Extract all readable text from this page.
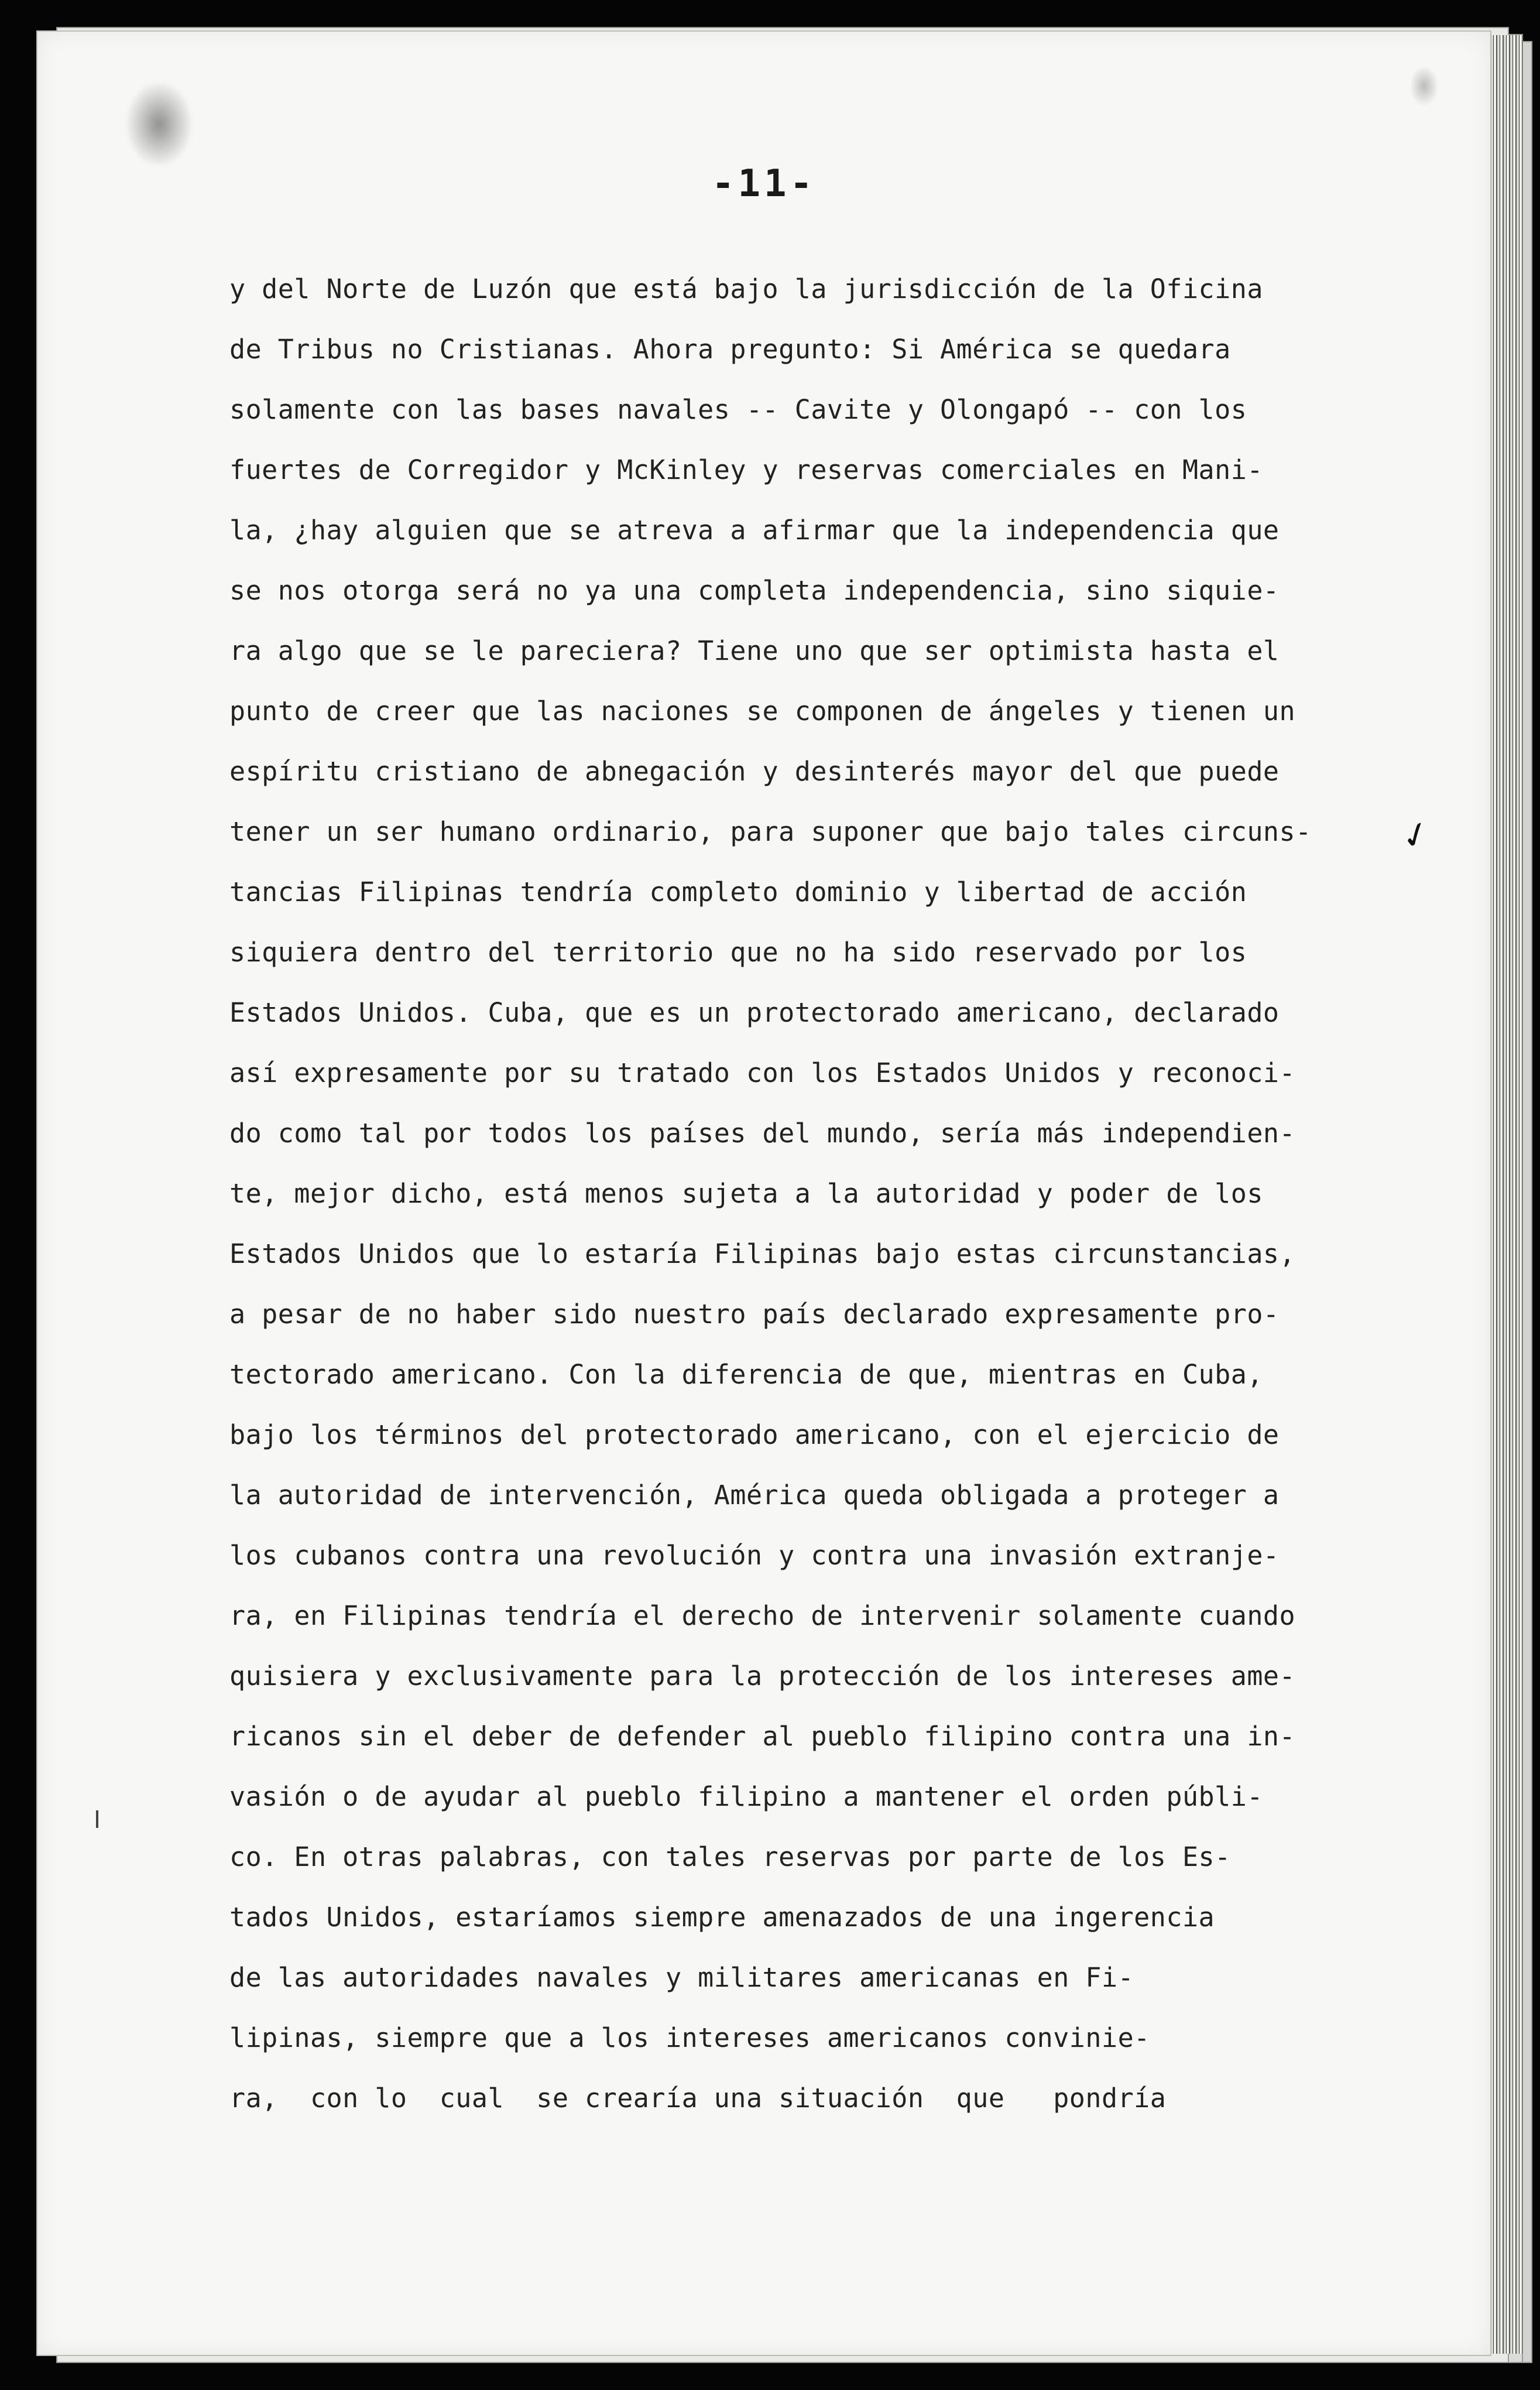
-11-
y del Norte de Luzón que está bajo la jurisdicción de la Oficina
de Tribus no Cristianas. Ahora pregunto: Si América se quedara
solamente con las bases navales -- Cavite y Olongapó -- con los
fuertes de Corregidor y McKinley y reservas comerciales en Mani-
la, ¿hay alguien que se atreva a afirmar que la independencia que
se nos otorga será no ya una completa independencia, sino siquie-
ra algo que se le pareciera? Tiene uno que ser optimista hasta el
punto de creer que las naciones se componen de ángeles y tienen un
espíritu cristiano de abnegación y desinterés mayor del que puede
tener un ser humano ordinario, para suponer que bajo tales circuns-
tancias Filipinas tendría completo dominio y libertad de acción
siquiera dentro del territorio que no ha sido reservado por los
Estados Unidos. Cuba, que es un protectorado americano, declarado
así expresamente por su tratado con los Estados Unidos y reconoci-
do como tal por todos los países del mundo, sería más independien-
te, mejor dicho, está menos sujeta a la autoridad y poder de los
Estados Unidos que lo estaría Filipinas bajo estas circunstancias,
a pesar de no haber sido nuestro país declarado expresamente pro-
tectorado americano. Con la diferencia de que, mientras en Cuba,
bajo los términos del protectorado americano, con el ejercicio de
la autoridad de intervención, América queda obligada a proteger a
los cubanos contra una revolución y contra una invasión extranje-
ra, en Filipinas tendría el derecho de intervenir solamente cuando
quisiera y exclusivamente para la protección de los intereses ame-
ricanos sin el deber de defender al pueblo filipino contra una in-
vasión o de ayudar al pueblo filipino a mantener el orden públi-
co. En otras palabras, con tales reservas por parte de los Es-
tados Unidos, estaríamos siempre amenazados de una ingerencia
de las autoridades navales y militares americanas en Fi-
lipinas, siempre que a los intereses americanos conviniе-
ra,  con lo  cual  se crearía una situación  que   pondría
✓
